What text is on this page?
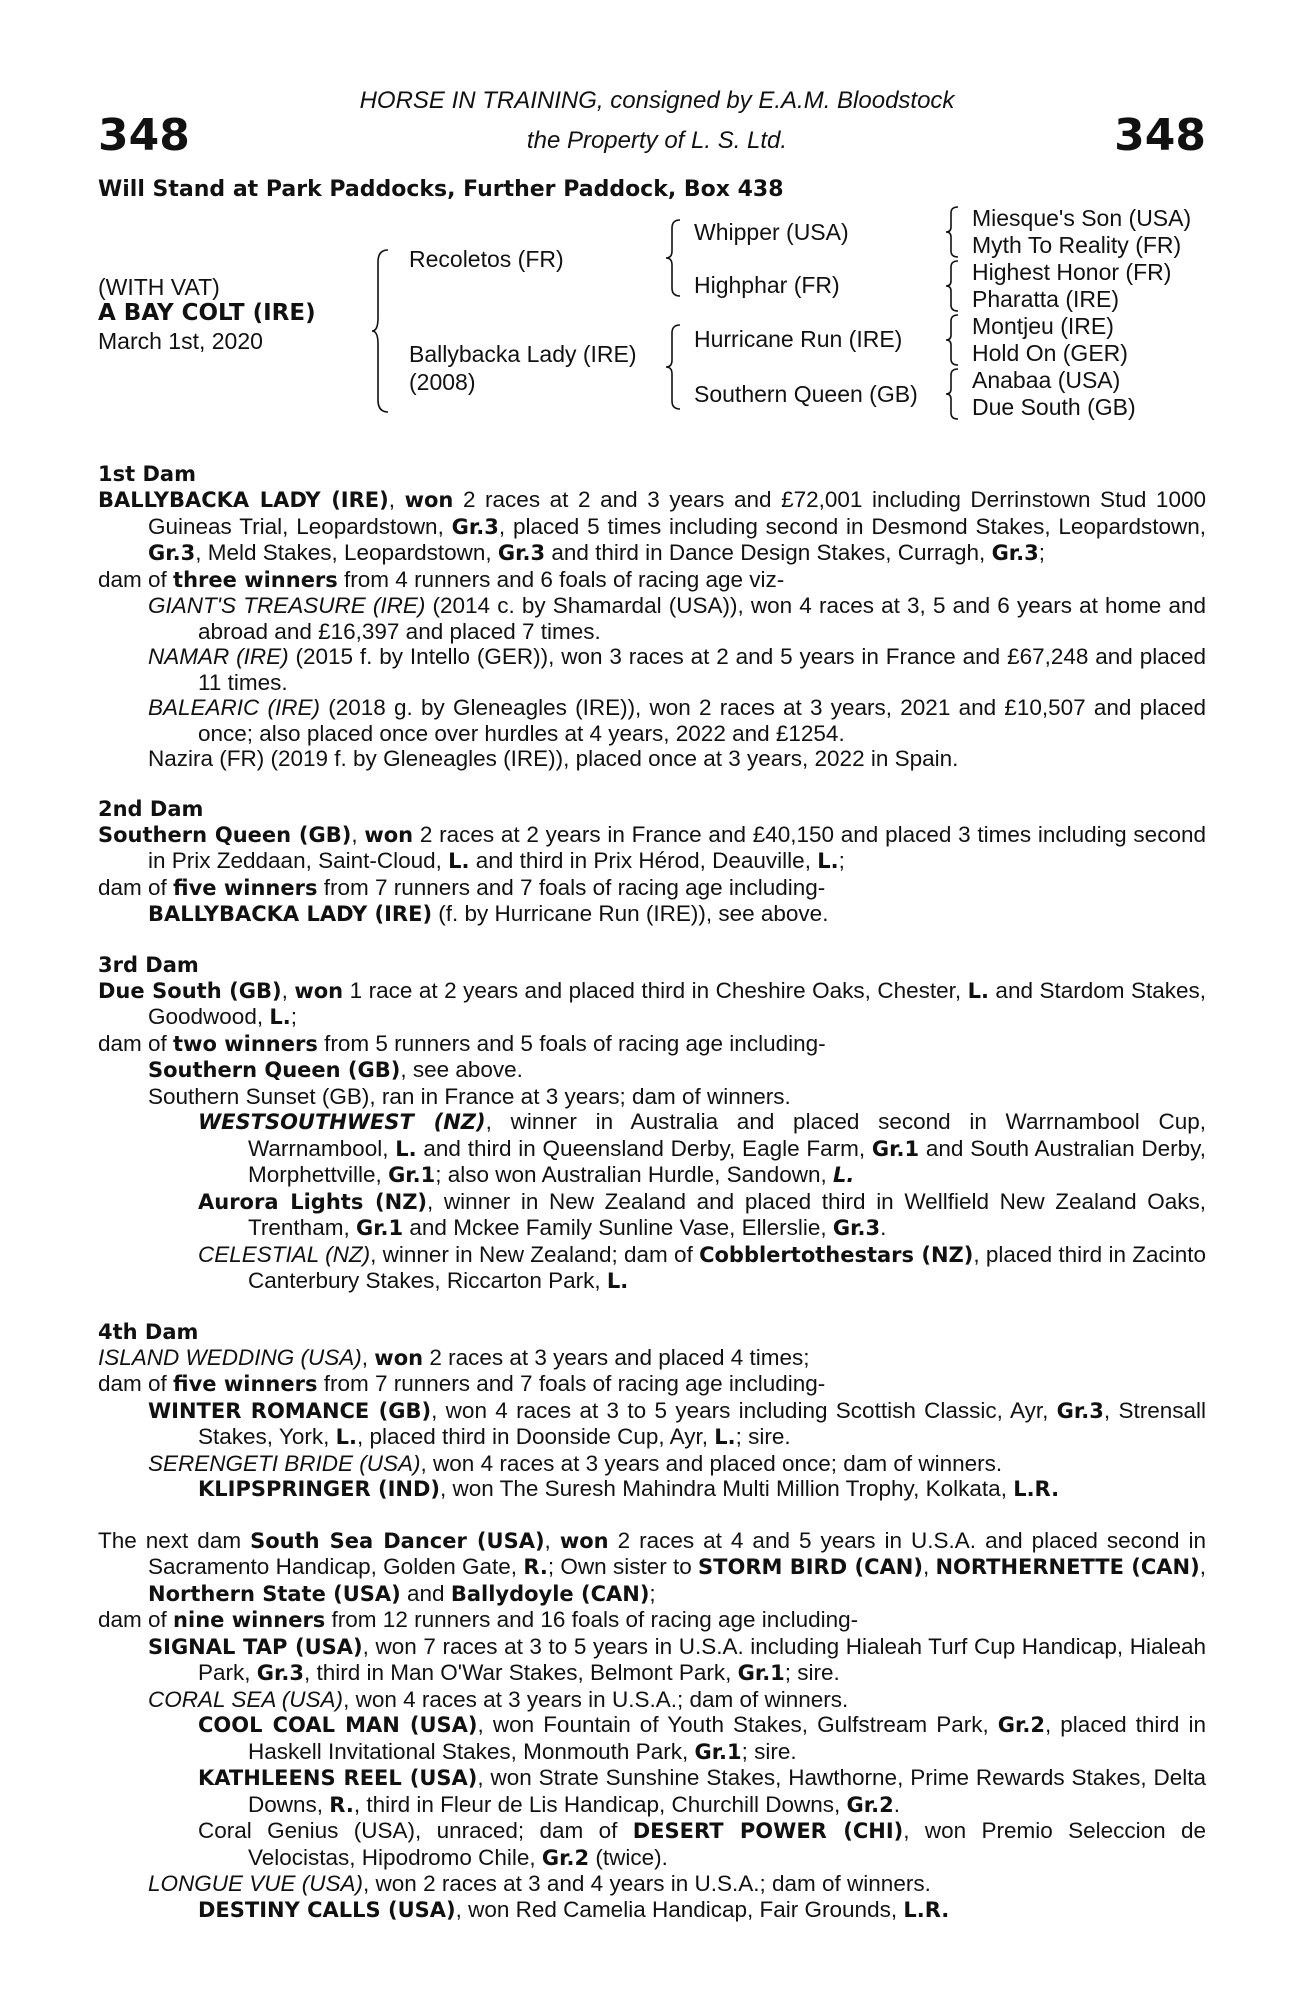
348	348
HORSE IN TRAINING, consigned by E.A.M. Bloodstock
the Property of L. S. Ltd.
Will Stand at Park Paddocks, Further Paddock, Box 438
(WITH VAT)
A BAY COLT (IRE)
March 1st, 2020
Recoletos (FR)
Ballybacka Lady (IRE)
(2008)
Whipper (USA)
Highphar (FR)
Hurricane Run (IRE)
Southern Queen (GB)
Miesque's Son (USA)
Myth To Reality (FR)
Highest Honor (FR)
Pharatta (IRE)
Montjeu (IRE)
Hold On (GER)
Anabaa (USA)
Due South (GB)
1st Dam
BALLYBACKA LADY (IRE), won 2 races at 2 and 3 years and £72,001 including Derrinstown Stud 1000 Guineas Trial, Leopardstown, Gr.3, placed 5 times including second in Desmond Stakes, Leopardstown, Gr.3, Meld Stakes, Leopardstown, Gr.3 and third in Dance Design Stakes, Curragh, Gr.3;
dam of three winners from 4 runners and 6 foals of racing age viz-
GIANT'S TREASURE (IRE) (2014 c. by Shamardal (USA)), won 4 races at 3, 5 and 6 years at home and abroad and £16,397 and placed 7 times.
NAMAR (IRE) (2015 f. by Intello (GER)), won 3 races at 2 and 5 years in France and £67,248 and placed 11 times.
BALEARIC (IRE) (2018 g. by Gleneagles (IRE)), won 2 races at 3 years, 2021 and £10,507 and placed once; also placed once over hurdles at 4 years, 2022 and £1254.
Nazira (FR) (2019 f. by Gleneagles (IRE)), placed once at 3 years, 2022 in Spain.
2nd Dam
Southern Queen (GB), won 2 races at 2 years in France and £40,150 and placed 3 times including second in Prix Zeddaan, Saint-Cloud, L. and third in Prix Hérod, Deauville, L.;
dam of five winners from 7 runners and 7 foals of racing age including-
BALLYBACKA LADY (IRE) (f. by Hurricane Run (IRE)), see above.
3rd Dam
Due South (GB), won 1 race at 2 years and placed third in Cheshire Oaks, Chester, L. and Stardom Stakes, Goodwood, L.;
dam of two winners from 5 runners and 5 foals of racing age including-
Southern Queen (GB), see above.
Southern Sunset (GB), ran in France at 3 years; dam of winners.
WESTSOUTHWEST (NZ), winner in Australia and placed second in Warrnambool Cup, Warrnambool, L. and third in Queensland Derby, Eagle Farm, Gr.1 and South Australian Derby, Morphettville, Gr.1; also won Australian Hurdle, Sandown, L.
Aurora Lights (NZ), winner in New Zealand and placed third in Wellfield New Zealand Oaks, Trentham, Gr.1 and Mckee Family Sunline Vase, Ellerslie, Gr.3.
CELESTIAL (NZ), winner in New Zealand; dam of Cobblertothestars (NZ), placed third in Zacinto Canterbury Stakes, Riccarton Park, L.
4th Dam
ISLAND WEDDING (USA), won 2 races at 3 years and placed 4 times;
dam of five winners from 7 runners and 7 foals of racing age including-
WINTER ROMANCE (GB), won 4 races at 3 to 5 years including Scottish Classic, Ayr, Gr.3, Strensall Stakes, York, L., placed third in Doonside Cup, Ayr, L.; sire.
SERENGETI BRIDE (USA), won 4 races at 3 years and placed once; dam of winners.
KLIPSPRINGER (IND), won The Suresh Mahindra Multi Million Trophy, Kolkata, L.R.
The next dam South Sea Dancer (USA), won 2 races at 4 and 5 years in U.S.A. and placed second in Sacramento Handicap, Golden Gate, R.; Own sister to STORM BIRD (CAN), NORTHERNETTE (CAN), Northern State (USA) and Ballydoyle (CAN);
dam of nine winners from 12 runners and 16 foals of racing age including-
SIGNAL TAP (USA), won 7 races at 3 to 5 years in U.S.A. including Hialeah Turf Cup Handicap, Hialeah Park, Gr.3, third in Man O'War Stakes, Belmont Park, Gr.1; sire.
CORAL SEA (USA), won 4 races at 3 years in U.S.A.; dam of winners.
COOL COAL MAN (USA), won Fountain of Youth Stakes, Gulfstream Park, Gr.2, placed third in Haskell Invitational Stakes, Monmouth Park, Gr.1; sire.
KATHLEENS REEL (USA), won Strate Sunshine Stakes, Hawthorne, Prime Rewards Stakes, Delta Downs, R., third in Fleur de Lis Handicap, Churchill Downs, Gr.2.
Coral Genius (USA), unraced; dam of DESERT POWER (CHI), won Premio Seleccion de Velocistas, Hipodromo Chile, Gr.2 (twice).
LONGUE VUE (USA), won 2 races at 3 and 4 years in U.S.A.; dam of winners.
DESTINY CALLS (USA), won Red Camelia Handicap, Fair Grounds, L.R.
